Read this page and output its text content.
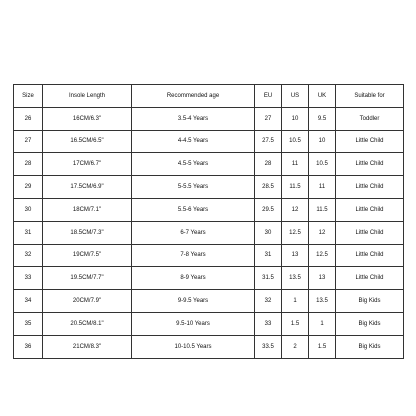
Size	Insole Length	Recommended age	EU	US	UK	Suitable for
26	16CM/6.3"	3.5-4 Years	27	10	9.5	Toddler
27	16.5CM/6.5"	4-4.5 Years	27.5	10.5	10	Little Child
28	17CM/6.7"	4.5-5 Years	28	11	10.5	Little Child
29	17.5CM/6.9"	5-5.5 Years	28.5	11.5	11	Little Child
30	18CM/7.1"	5.5-6 Years	29.5	12	11.5	Little Child
31	18.5CM/7.3"	6-7 Years	30	12.5	12	Little Child
32	19CM/7.5"	7-8 Years	31	13	12.5	Little Child
33	19.5CM/7.7"	8-9 Years	31.5	13.5	13	Little Child
34	20CM/7.9"	9-9.5 Years	32	1	13.5	Big Kids
35	20.5CM/8.1"	9.5-10 Years	33	1.5	1	Big Kids
36	21CM/8.3"	10-10.5 Years	33.5	2	1.5	Big Kids
